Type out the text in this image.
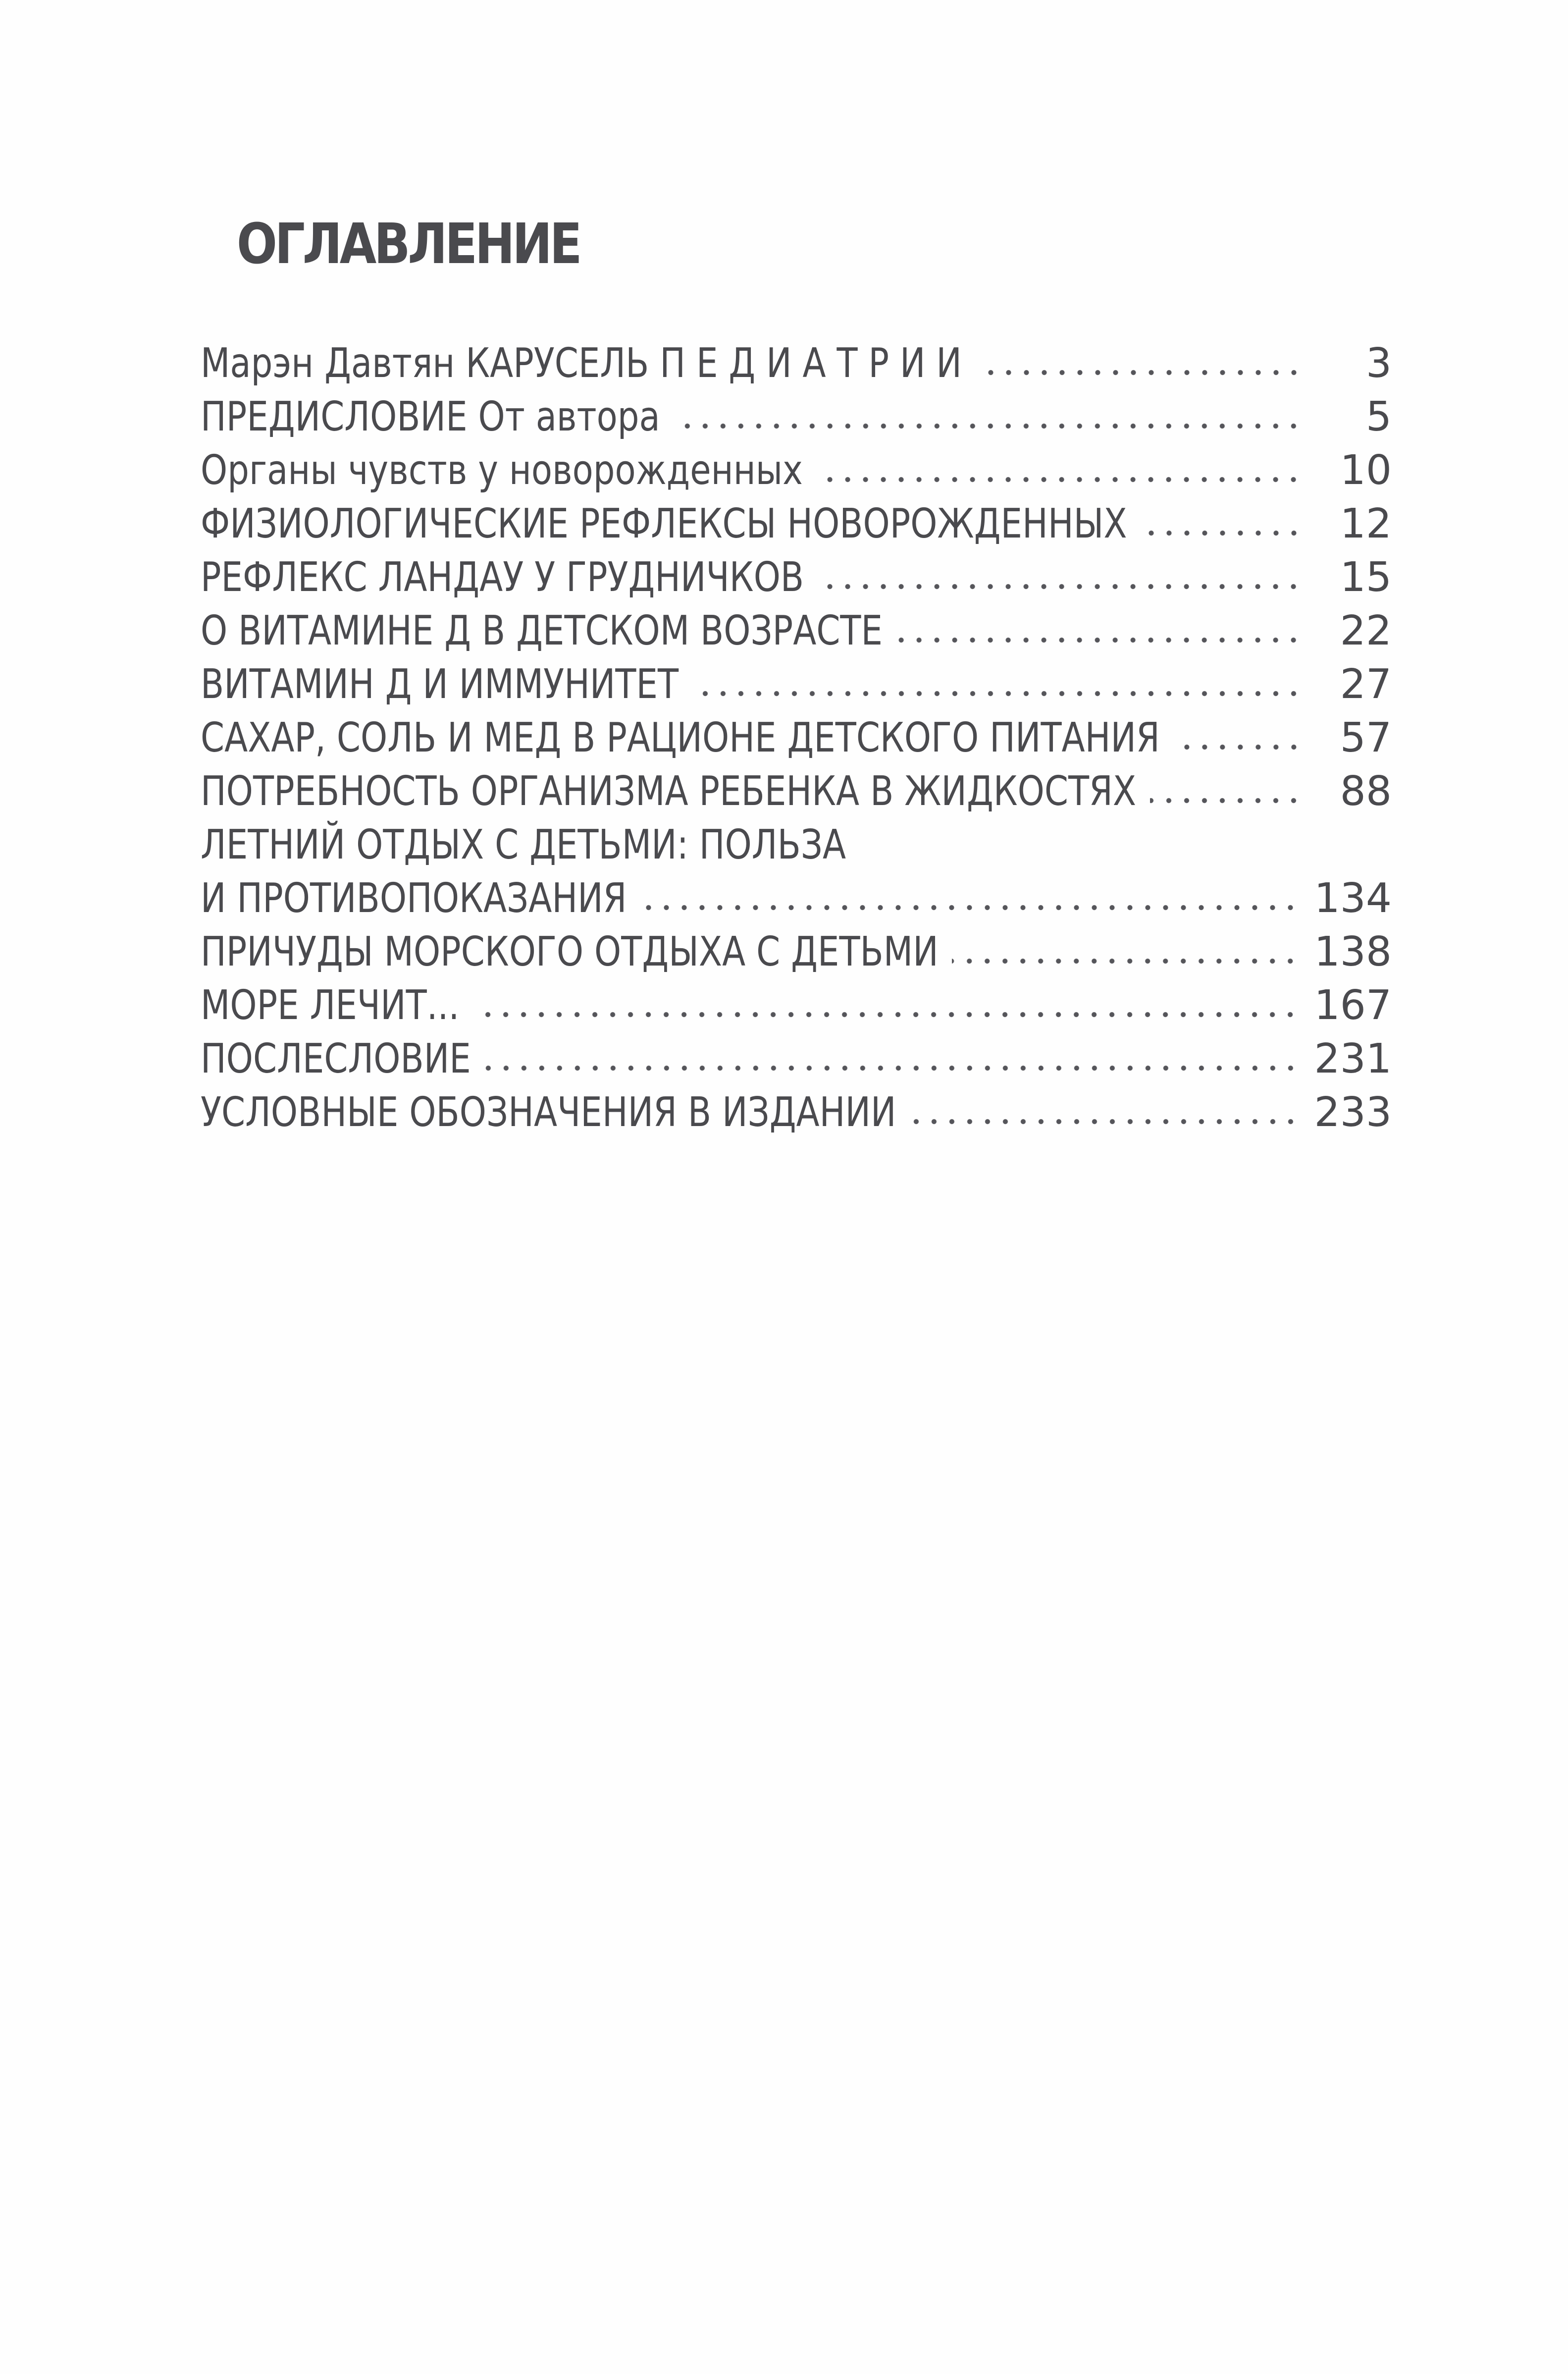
ОГЛАВЛЕНИЕ
Марэн Давтян КАРУСЕЛЬ П Е Д И А Т Р И И	3
ПРЕДИСЛОВИЕ От автора	5
Органы чувств у новорожденных	10
ФИЗИОЛОГИЧЕСКИЕ РЕФЛЕКСЫ НОВОРОЖДЕННЫХ	12
РЕФЛЕКС ЛАНДАУ У ГРУДНИЧКОВ	15
О ВИТАМИНЕ Д В ДЕТСКОМ ВОЗРАСТЕ	22
ВИТАМИН Д И ИММУНИТЕТ	27
САХАР, СОЛЬ И МЕД В РАЦИОНЕ ДЕТСКОГО ПИТАНИЯ	57
ПОТРЕБНОСТЬ ОРГАНИЗМА РЕБЕНКА В ЖИДКОСТЯХ	88
ЛЕТНИЙ ОТДЫХ С ДЕТЬМИ: ПОЛЬЗА
И ПРОТИВОПОКАЗАНИЯ	134
ПРИЧУДЫ МОРСКОГО ОТДЫХА С ДЕТЬМИ	138
МОРЕ ЛЕЧИТ...	167
ПОСЛЕСЛОВИЕ	231
УСЛОВНЫЕ ОБОЗНАЧЕНИЯ В ИЗДАНИИ	233
